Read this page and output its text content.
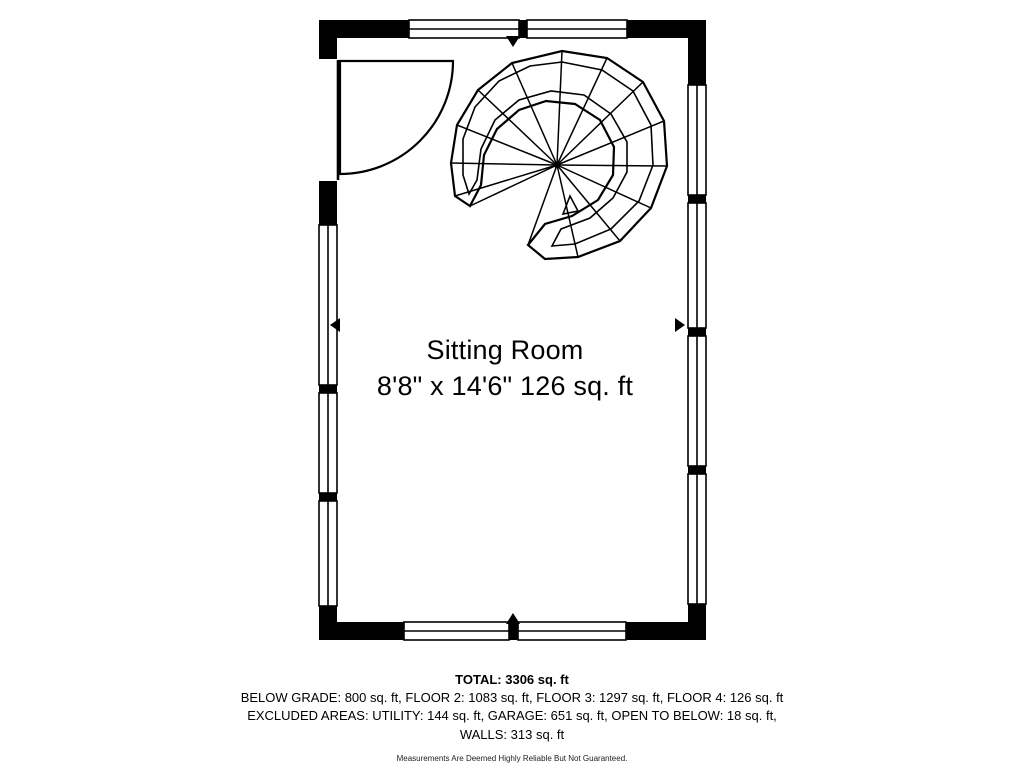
Sitting Room
8'8" x 14'6" 126 sq. ft
TOTAL: 3306 sq. ft
BELOW GRADE: 800 sq. ft, FLOOR 2: 1083 sq. ft, FLOOR 3: 1297 sq. ft, FLOOR 4: 126 sq. ft
EXCLUDED AREAS: UTILITY: 144 sq. ft, GARAGE: 651 sq. ft, OPEN TO BELOW: 18 sq. ft,
WALLS: 313 sq. ft
Measurements Are Deemed Highly Reliable But Not Guaranteed.
